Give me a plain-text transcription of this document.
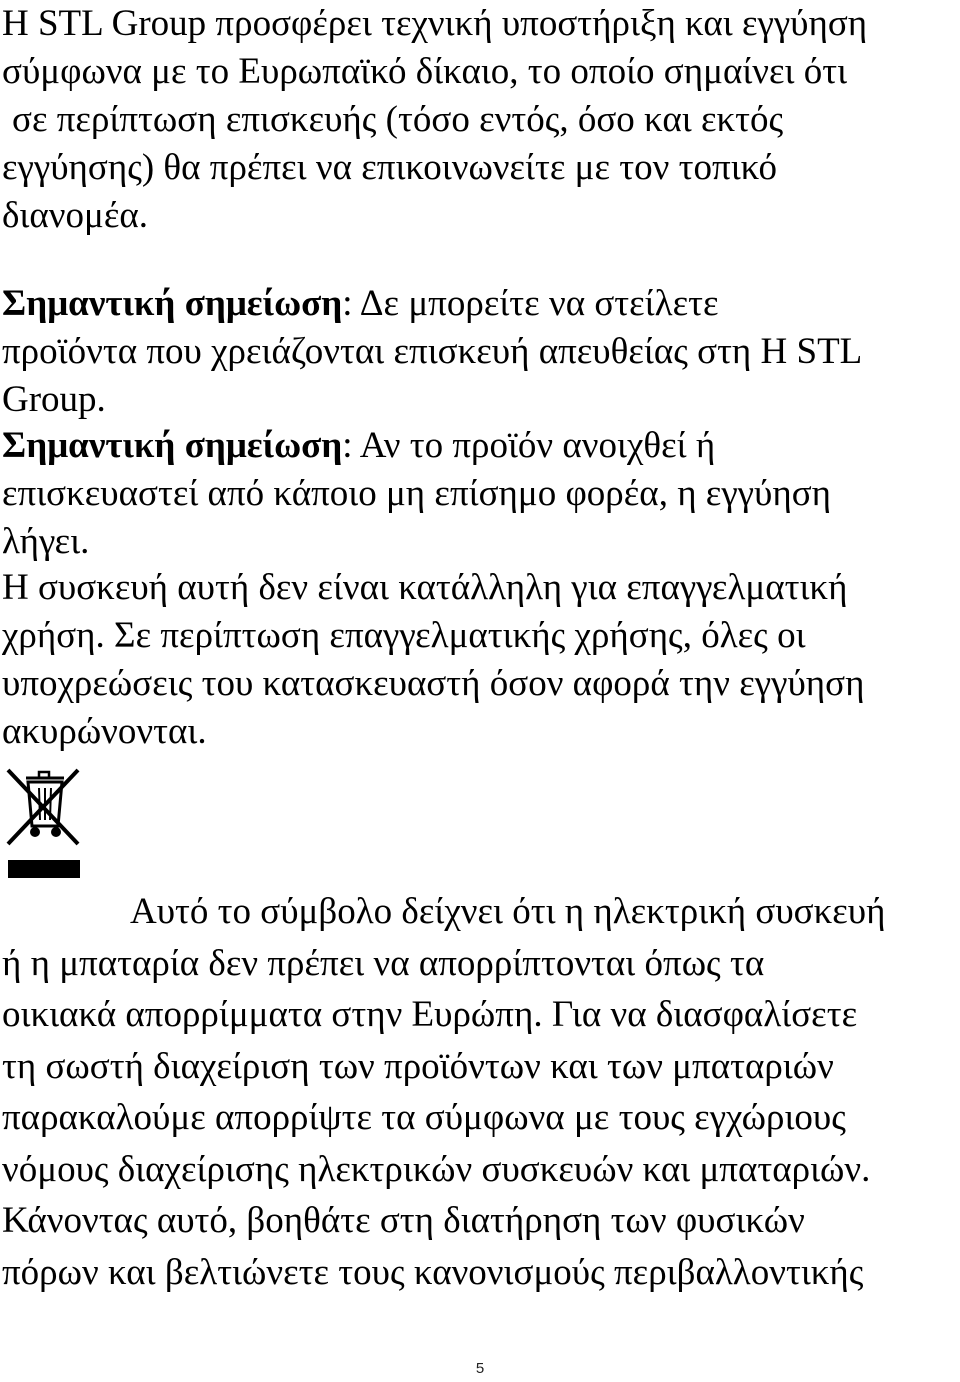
H STL Group προσφέρει τεχνική υποστήριξη και εγγύηση
σύμφωνα με το Ευρωπαϊκό δίκαιο, το οποίο σημαίνει ότι
σε περίπτωση επισκευής (τόσο εντός, όσο και εκτός
εγγύησης) θα πρέπει να επικοινωνείτε με τον τοπικό
διανομέα.

Σημαντική σημείωση: Δε μπορείτε να στείλετε
προϊόντα που χρειάζονται επισκευή απευθείας στη H STL
Group.

Σημαντική σημείωση: Αν το προϊόν ανοιχθεί ή
επισκευαστεί από κάποιο μη επίσημο φορέα, η εγγύηση
λήγει.

Η συσκευή αυτή δεν είναι κατάλληλη για επαγγελματική
χρήση. Σε περίπτωση επαγγελματικής χρήσης, όλες οι
υποχρεώσεις του κατασκευαστή όσον αφορά την εγγύηση
ακυρώνονται.

Αυτό το σύμβολο δείχνει ότι η ηλεκτρική συσκευή
ή η μπαταρία δεν πρέπει να απορρίπτονται όπως τα
οικιακά απορρίμματα στην Ευρώπη. Για να διασφαλίσετε
τη σωστή διαχείριση των προϊόντων και των μπαταριών
παρακαλούμε απορρίψτε τα σύμφωνα με τους εγχώριους
νόμους διαχείρισης ηλεκτρικών συσκευών και μπαταριών.
Κάνοντας αυτό, βοηθάτε στη διατήρηση των φυσικών
πόρων και βελτιώνετε τους κανονισμούς περιβαλλοντικής

5
